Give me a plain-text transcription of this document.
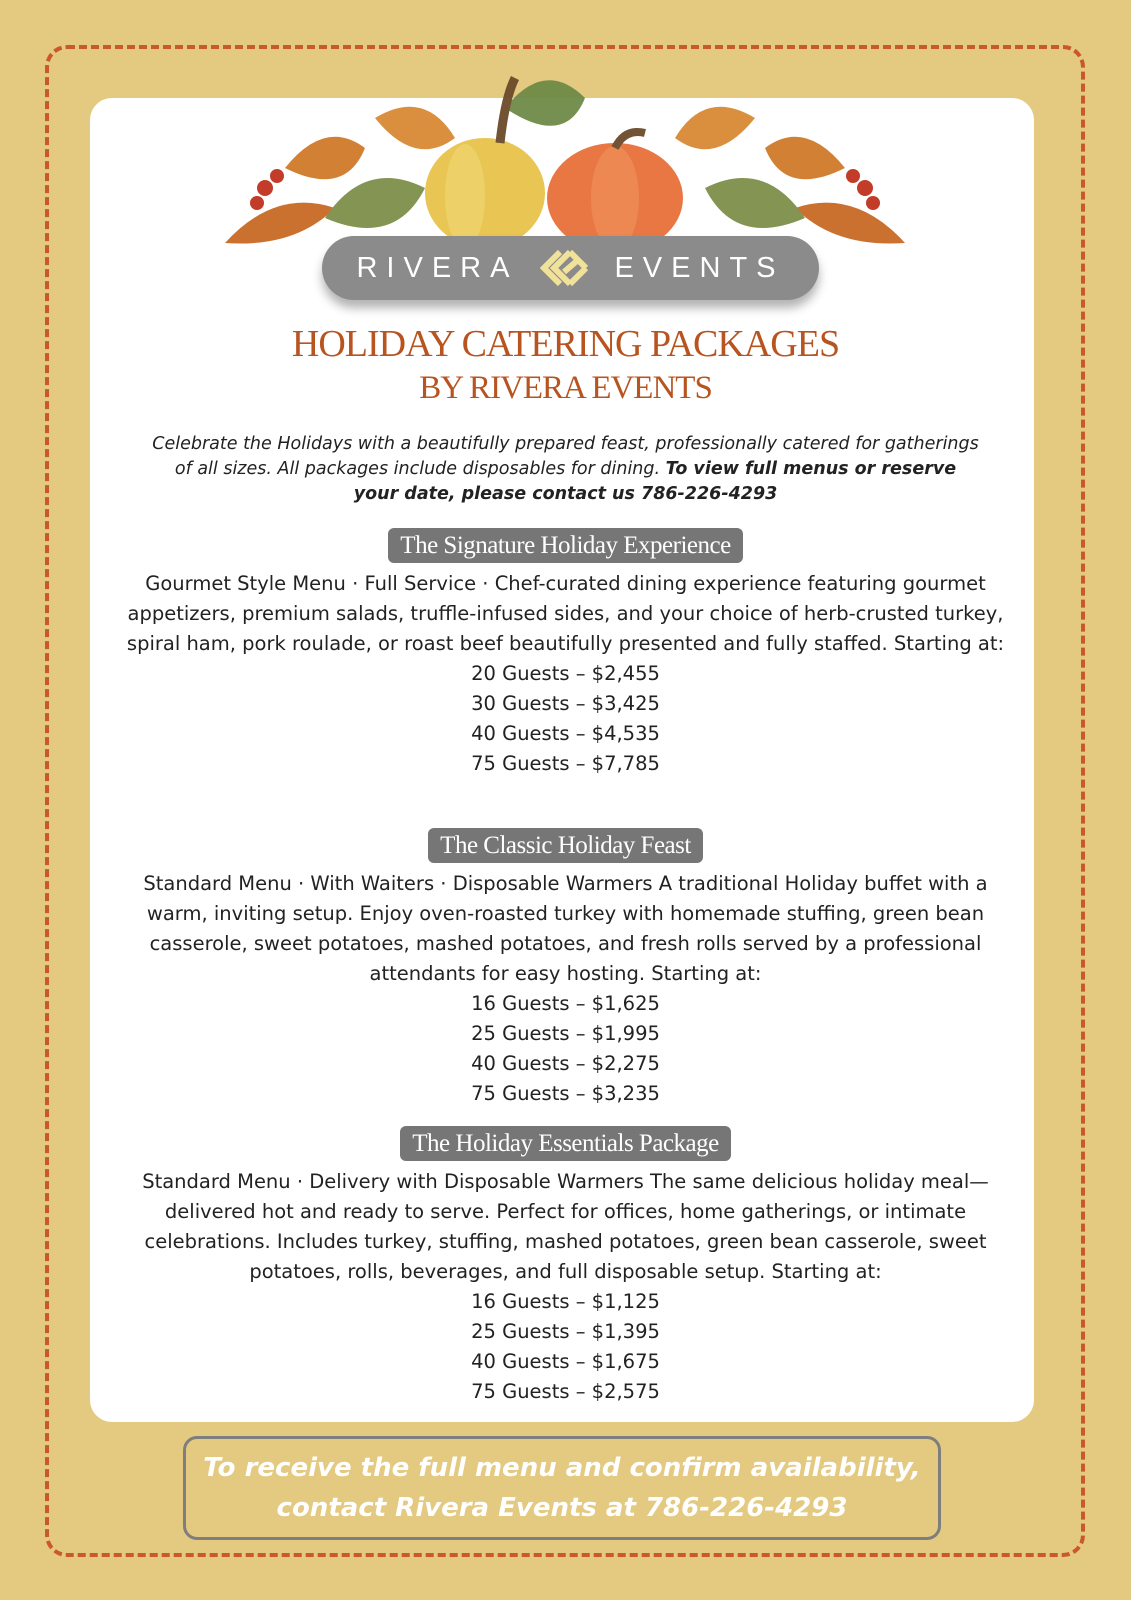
RIVERA	EVENTS
HOLIDAY CATERING PACKAGES
BY RIVERA EVENTS
Celebrate the Holidays with a beautifully prepared feast, professionally catered for gatherings of all sizes. All packages include disposables for dining. To view full menus or reserve your date, please contact us 786-226-4293
The Signature Holiday Experience
Gourmet Style Menu · Full Service · Chef-curated dining experience featuring gourmet appetizers, premium salads, truffle-infused sides, and your choice of herb-crusted turkey, spiral ham, pork roulade, or roast beef beautifully presented and fully staffed. Starting at:
20 Guests – $2,455
30 Guests – $3,425
40 Guests – $4,535
75 Guests – $7,785
The Classic Holiday Feast
Standard Menu · With Waiters · Disposable Warmers A traditional Holiday buffet with a warm, inviting setup. Enjoy oven-roasted turkey with homemade stuffing, green bean casserole, sweet potatoes, mashed potatoes, and fresh rolls served by a professional attendants for easy hosting. Starting at:
16 Guests – $1,625
25 Guests – $1,995
40 Guests – $2,275
75 Guests – $3,235
The Holiday Essentials Package
Standard Menu · Delivery with Disposable Warmers The same delicious holiday meal—delivered hot and ready to serve. Perfect for offices, home gatherings, or intimate celebrations. Includes turkey, stuffing, mashed potatoes, green bean casserole, sweet potatoes, rolls, beverages, and full disposable setup. Starting at:
16 Guests – $1,125
25 Guests – $1,395
40 Guests – $1,675
75 Guests – $2,575
To receive the full menu and confirm availability,
contact Rivera Events at 786-226-4293
